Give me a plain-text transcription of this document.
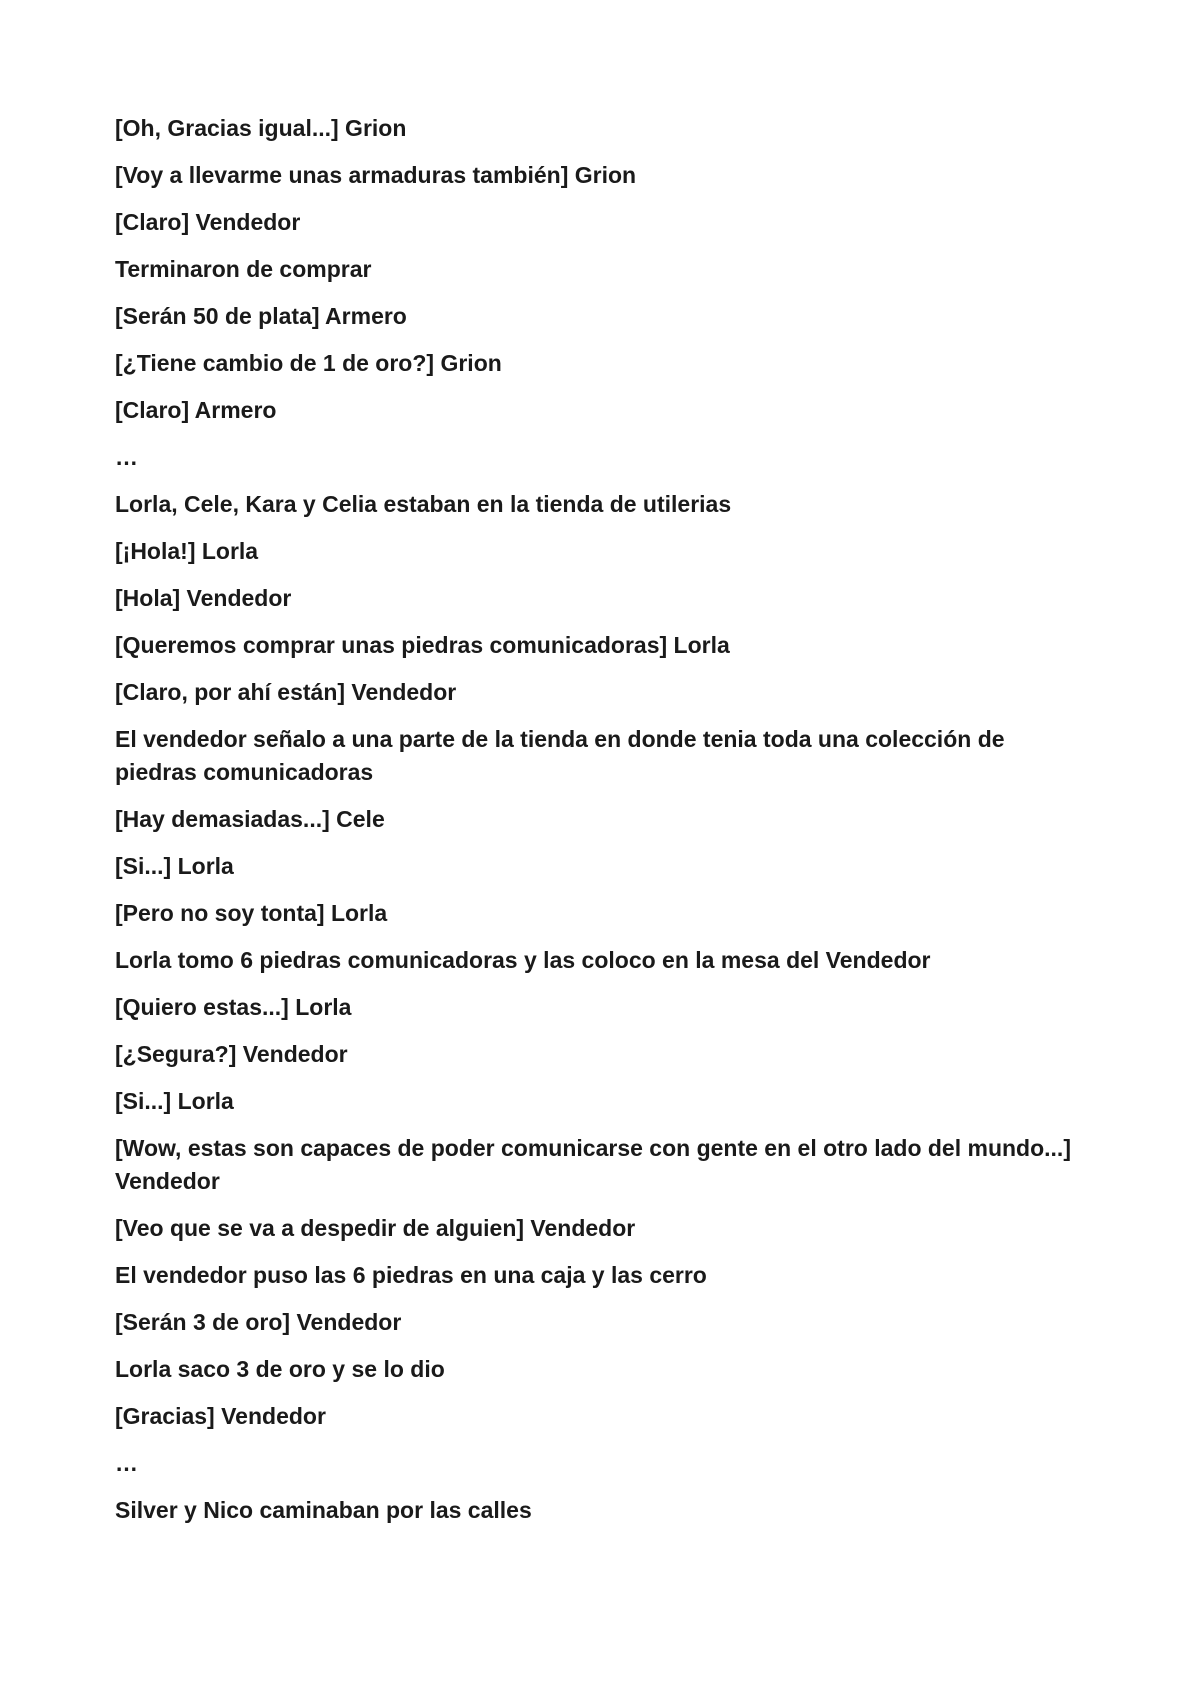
[Oh, Gracias igual...] Grion

[Voy a llevarme unas armaduras también] Grion

[Claro] Vendedor

Terminaron de comprar

[Serán 50 de plata] Armero

[¿Tiene cambio de 1 de oro?] Grion

[Claro] Armero

…

Lorla, Cele, Kara y Celia estaban en la tienda de utilerias

[¡Hola!] Lorla

[Hola] Vendedor

[Queremos comprar unas piedras comunicadoras] Lorla

[Claro, por ahí están] Vendedor

El vendedor señalo a una parte de la tienda en donde tenia toda una colección de piedras comunicadoras

[Hay demasiadas...] Cele

[Si...] Lorla

[Pero no soy tonta] Lorla

Lorla tomo 6 piedras comunicadoras y las coloco en la mesa del Vendedor

[Quiero estas...] Lorla

[¿Segura?] Vendedor

[Si...] Lorla

[Wow, estas son capaces de poder comunicarse con gente en el otro lado del mundo...] Vendedor

[Veo que se va a despedir de alguien] Vendedor

El vendedor puso las 6 piedras en una caja y las cerro

[Serán 3 de oro] Vendedor

Lorla saco 3 de oro y se lo dio

[Gracias] Vendedor

…

Silver y Nico caminaban por las calles
